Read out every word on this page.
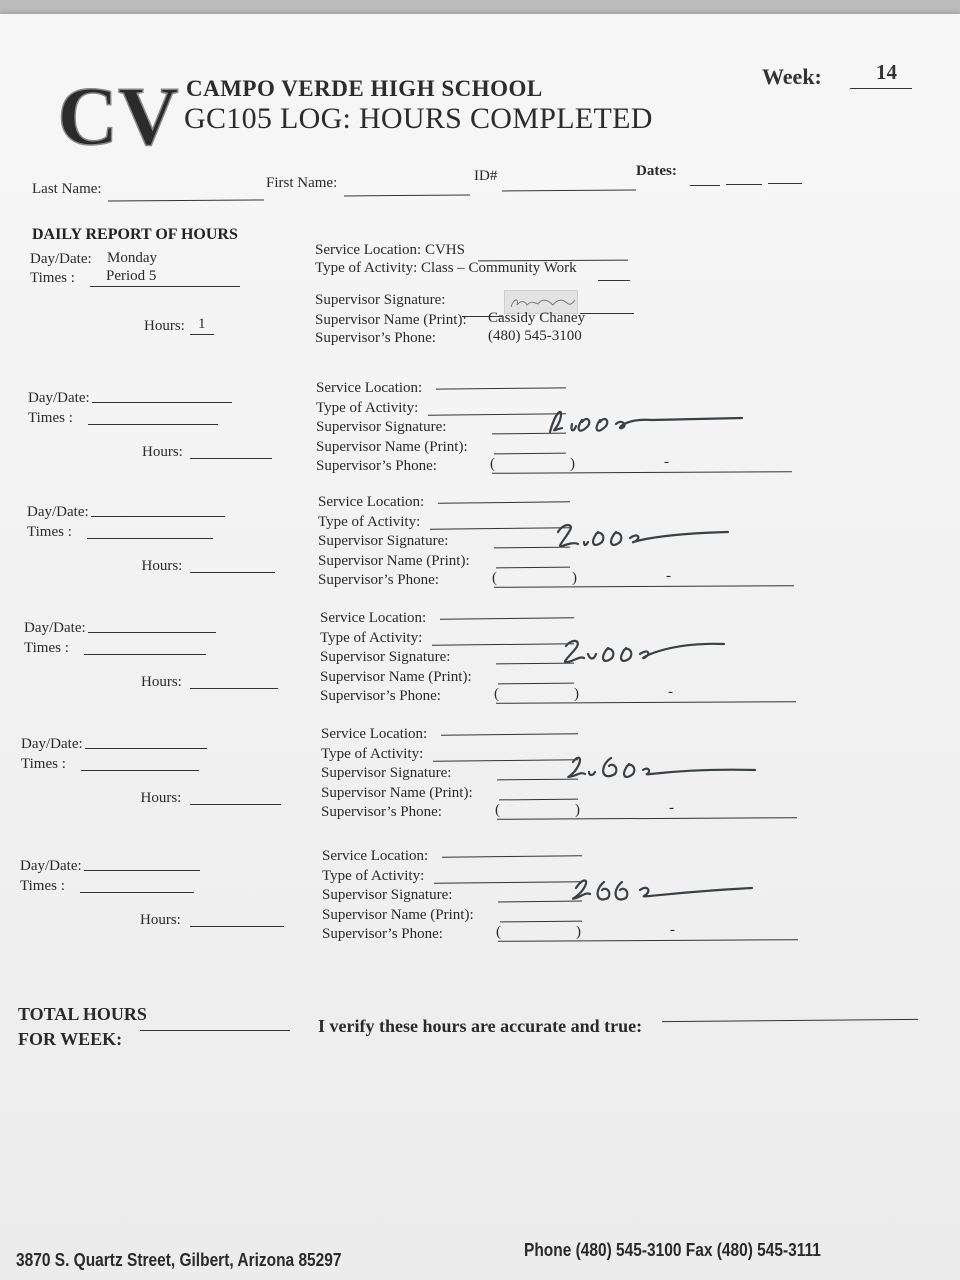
CV CAMPO VERDE HIGH SCHOOL
GC105 LOG: HOURS COMPLETED
Week:	14
Last Name:	First Name:	ID#	Dates:
DAILY REPORT OF HOURS
Day/Date: Monday
Times : Period 5
Hours: 1
Service Location: CVHS
Type of Activity: Class – Community Work
Supervisor Signature:
Supervisor Name (Print): Cassidy Chaney
Supervisor’s Phone:	(480) 545-3100
Day/Date:
Times :
Hours:
Service Location:
Type of Activity:
Supervisor Signature:
Supervisor Name (Print):
Supervisor’s Phone:	(	)	-
Day/Date:
Times :
Hours:
Service Location:
Type of Activity:
Supervisor Signature:
Supervisor Name (Print):
Supervisor’s Phone:	(	)	-
Day/Date:
Times :
Hours:
Service Location:
Type of Activity:
Supervisor Signature:
Supervisor Name (Print):
Supervisor’s Phone:	(	)	-
Day/Date:
Times :
Hours:
Service Location:
Type of Activity:
Supervisor Signature:
Supervisor Name (Print):
Supervisor’s Phone:	(	)	-
Day/Date:
Times :
Hours:
Service Location:
Type of Activity:
Supervisor Signature:
Supervisor Name (Print):
Supervisor’s Phone:	(	)	-
TOTAL HOURS
FOR WEEK:
I verify these hours are accurate and true:
3870 S. Quartz Street, Gilbert, Arizona 85297	Phone (480) 545-3100 Fax (480) 545-3111
